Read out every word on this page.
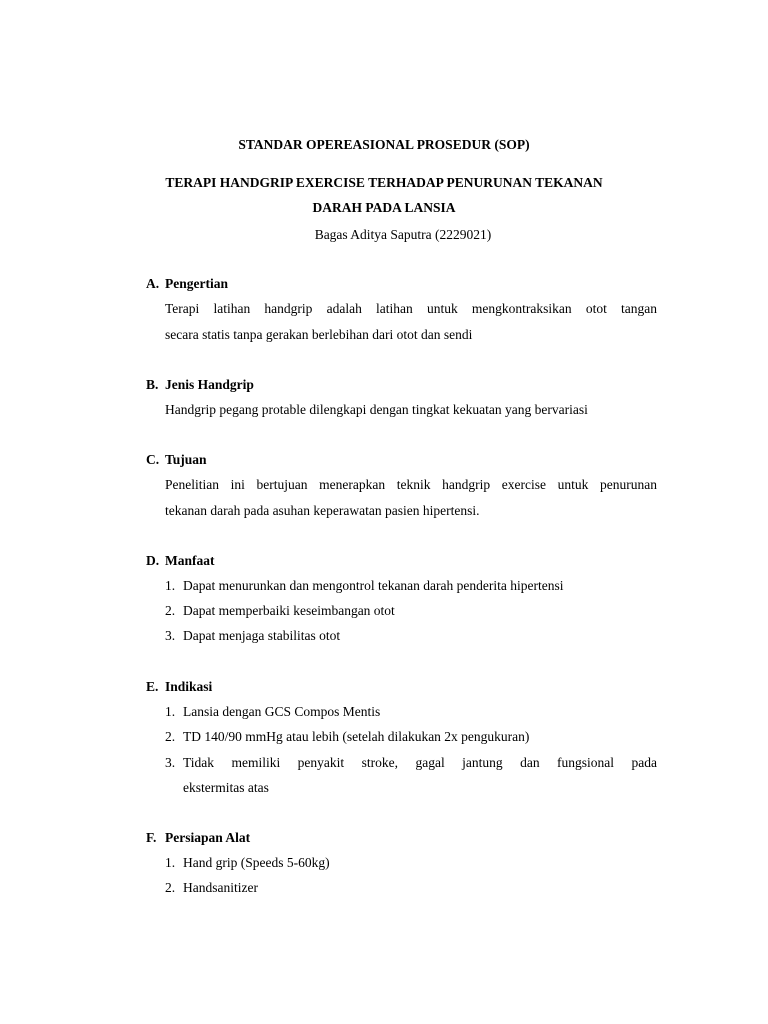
STANDAR OPEREASIONAL PROSEDUR (SOP)
TERAPI HANDGRIP EXERCISE TERHADAP PENURUNAN TEKANAN
DARAH PADA LANSIA
Bagas Aditya Saputra (2229021)
A. Pengertian
Terapi latihan handgrip adalah latihan untuk mengkontraksikan otot tangan
secara statis tanpa gerakan berlebihan dari otot dan sendi
B. Jenis Handgrip
Handgrip pegang protable dilengkapi dengan tingkat kekuatan yang bervariasi
C. Tujuan
Penelitian ini bertujuan menerapkan teknik handgrip exercise untuk penurunan
tekanan darah pada asuhan keperawatan pasien hipertensi.
D. Manfaat
1. Dapat menurunkan dan mengontrol tekanan darah penderita hipertensi
2. Dapat memperbaiki keseimbangan otot
3. Dapat menjaga stabilitas otot
E. Indikasi
1. Lansia dengan GCS Compos Mentis
2. TD 140/90 mmHg atau lebih (setelah dilakukan 2x pengukuran)
3. Tidak memiliki penyakit stroke, gagal jantung dan fungsional pada
ekstermitas atas
F. Persiapan Alat
1. Hand grip (Speeds 5-60kg)
2. Handsanitizer
